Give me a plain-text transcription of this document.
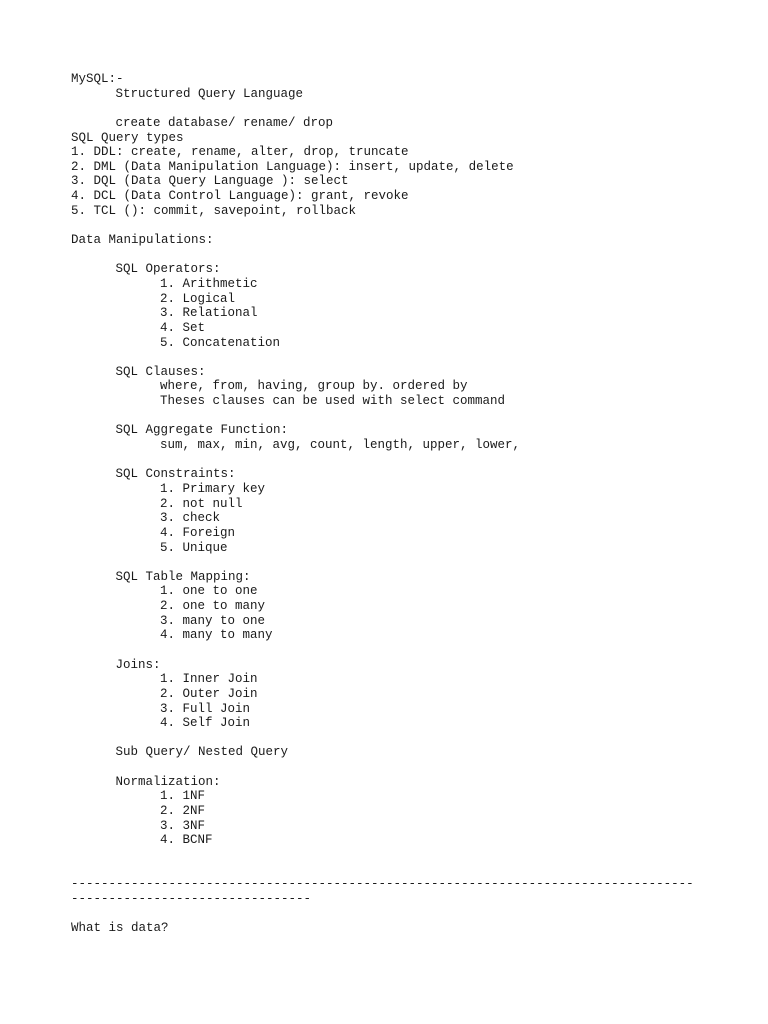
MySQL:-
Structured Query Language
create database/ rename/ drop
SQL Query types
1. DDL: create, rename, alter, drop, truncate
2. DML (Data Manipulation Language): insert, update, delete
3. DQL (Data Query Language ): select
4. DCL (Data Control Language): grant, revoke
5. TCL (): commit, savepoint, rollback
Data Manipulations:
SQL Operators:
1. Arithmetic
2. Logical
3. Relational
4. Set
5. Concatenation
SQL Clauses:
where, from, having, group by. ordered by
Theses clauses can be used with select command
SQL Aggregate Function:
sum, max, min, avg, count, length, upper, lower,
SQL Constraints:
1. Primary key
2. not null
3. check
4. Foreign
5. Unique
SQL Table Mapping:
1. one to one
2. one to many
3. many to one
4. many to many
Joins:
1. Inner Join
2. Outer Join
3. Full Join
4. Self Join
Sub Query/ Nested Query
Normalization:
1. 1NF
2. 2NF
3. 3NF
4. BCNF
-----------------------------------------------------------------------------------
--------------------------------
What is data?
